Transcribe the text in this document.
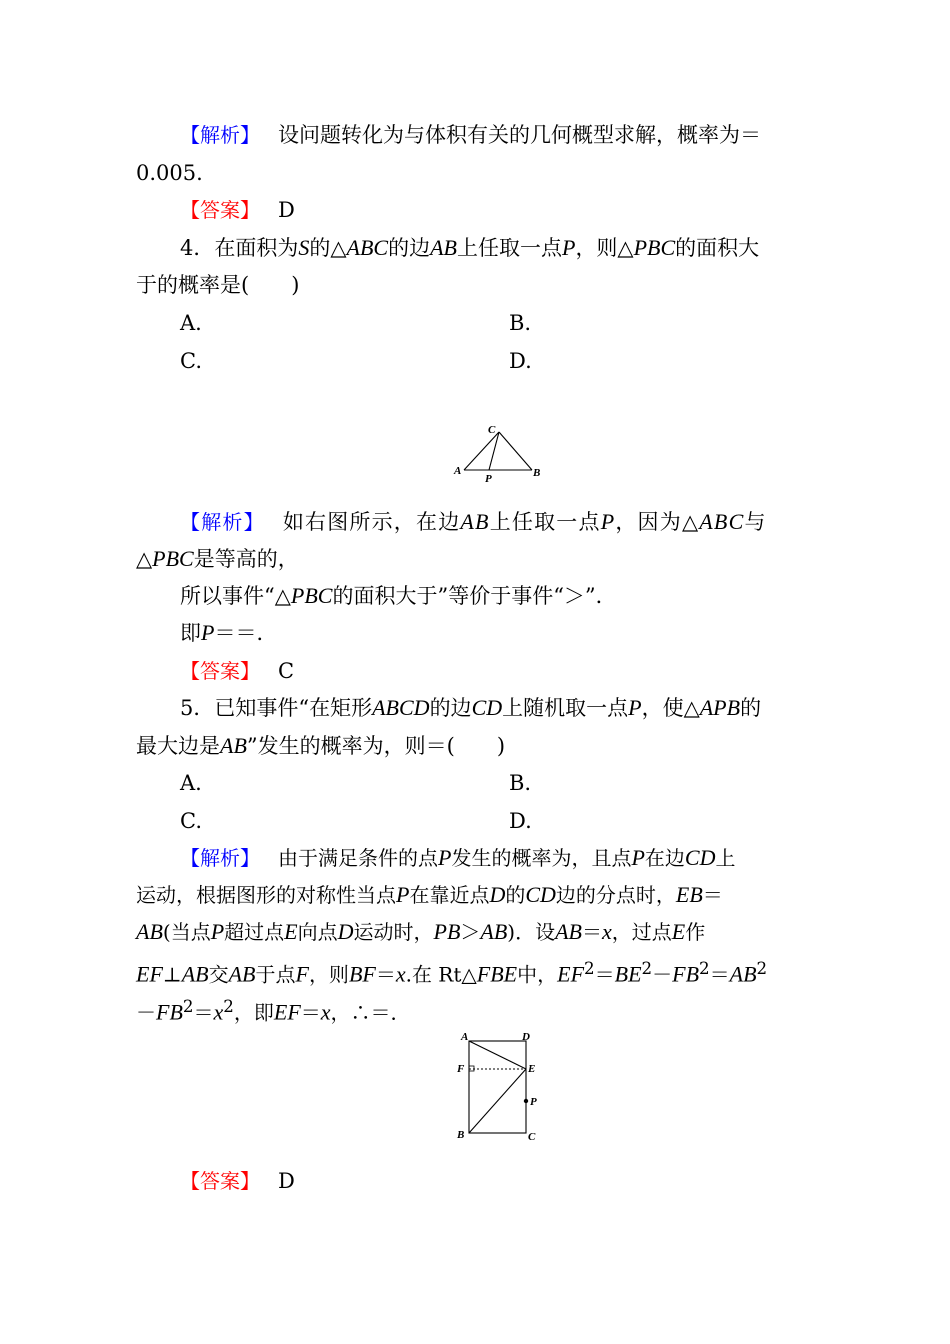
【解析】 设问题转化为与体积有关的几何概型求解，概率为＝
0.005.
【答案】 D
4．在面积为S的△ABC的边AB上任取一点P，则△PBC的面积大
于的概率是(　　)
A.	B.
C.	D.
A	B
C
P
【解析】 如右图所示，在边AB上任取一点P，因为△ABC与
△PBC是等高的，
所以事件“△PBC的面积大于”等价于事件“＞”．
即P＝＝．
【答案】 C
5．已知事件“在矩形ABCD的边CD上随机取一点P，使△APB的
最大边是AB”发生的概率为，则＝(　　)
A.	B.
C.	D.
【解析】 由于满足条件的点P发生的概率为，且点P在边CD上
运动，根据图形的对称性当点P在靠近点D的CD边的分点时，EB＝
AB(当点P超过点E向点D运动时，PB＞AB)．设AB＝x，过点E作
EF⊥AB交AB于点F，则BF＝x.在 Rt△FBE中，$EF^2=BE^2-FB^2=AB^2$
$-FB^2=x^2$，即EF＝x，∴＝．
A	D
F	E
P
B	C
【答案】 D
